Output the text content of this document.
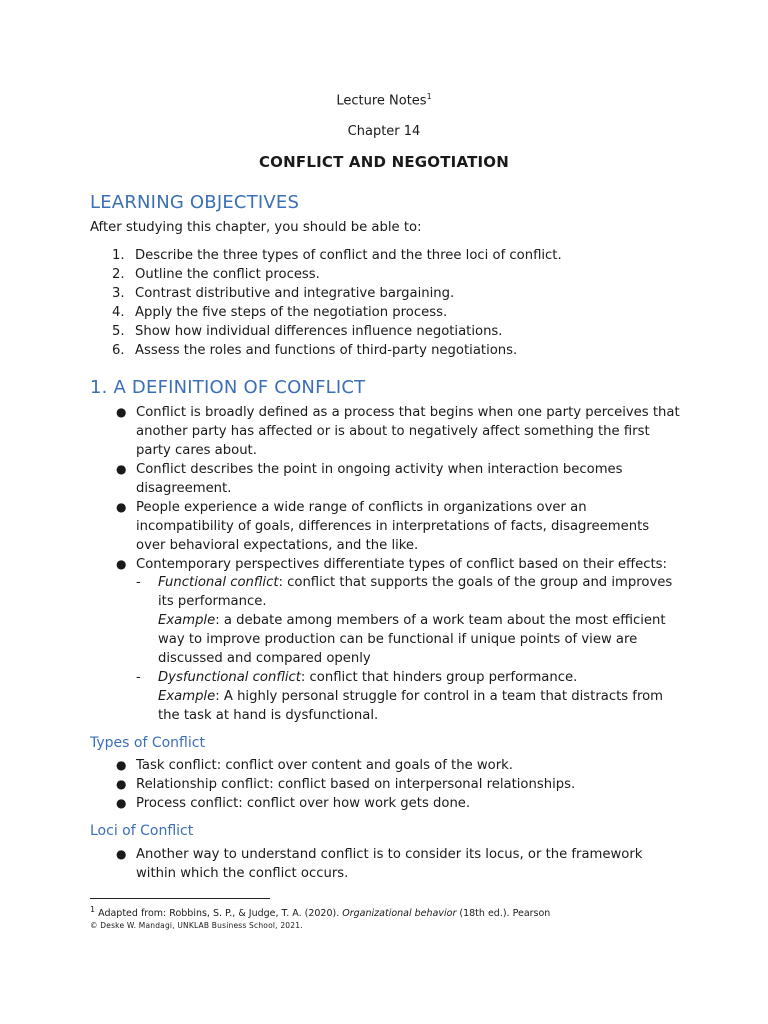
Lecture Notes$^1$
Chapter 14
CONFLICT AND NEGOTIATION
LEARNING OBJECTIVES
After studying this chapter, you should be able to:
1. Describe the three types of conflict and the three loci of conflict.
2. Outline the conflict process.
3. Contrast distributive and integrative bargaining.
4. Apply the five steps of the negotiation process.
5. Show how individual differences influence negotiations.
6. Assess the roles and functions of third-party negotiations.
1. A DEFINITION OF CONFLICT
● Conflict is broadly defined as a process that begins when one party perceives that another party has affected or is about to negatively affect something the first party cares about.
● Conflict describes the point in ongoing activity when interaction becomes disagreement.
● People experience a wide range of conflicts in organizations over an incompatibility of goals, differences in interpretations of facts, disagreements over behavioral expectations, and the like.
● Contemporary perspectives differentiate types of conflict based on their effects:
- Functional conflict: conflict that supports the goals of the group and improves its performance.
Example: a debate among members of a work team about the most efficient way to improve production can be functional if unique points of view are discussed and compared openly
- Dysfunctional conflict: conflict that hinders group performance.
Example: A highly personal struggle for control in a team that distracts from the task at hand is dysfunctional.
Types of Conflict
● Task conflict: conflict over content and goals of the work.
● Relationship conflict: conflict based on interpersonal relationships.
● Process conflict: conflict over how work gets done.
Loci of Conflict
● Another way to understand conflict is to consider its locus, or the framework within which the conflict occurs.
$^1$ Adapted from: Robbins, S. P., & Judge, T. A. (2020). Organizational behavior (18th ed.). Pearson
© Deske W. Mandagi, UNKLAB Business School, 2021.
